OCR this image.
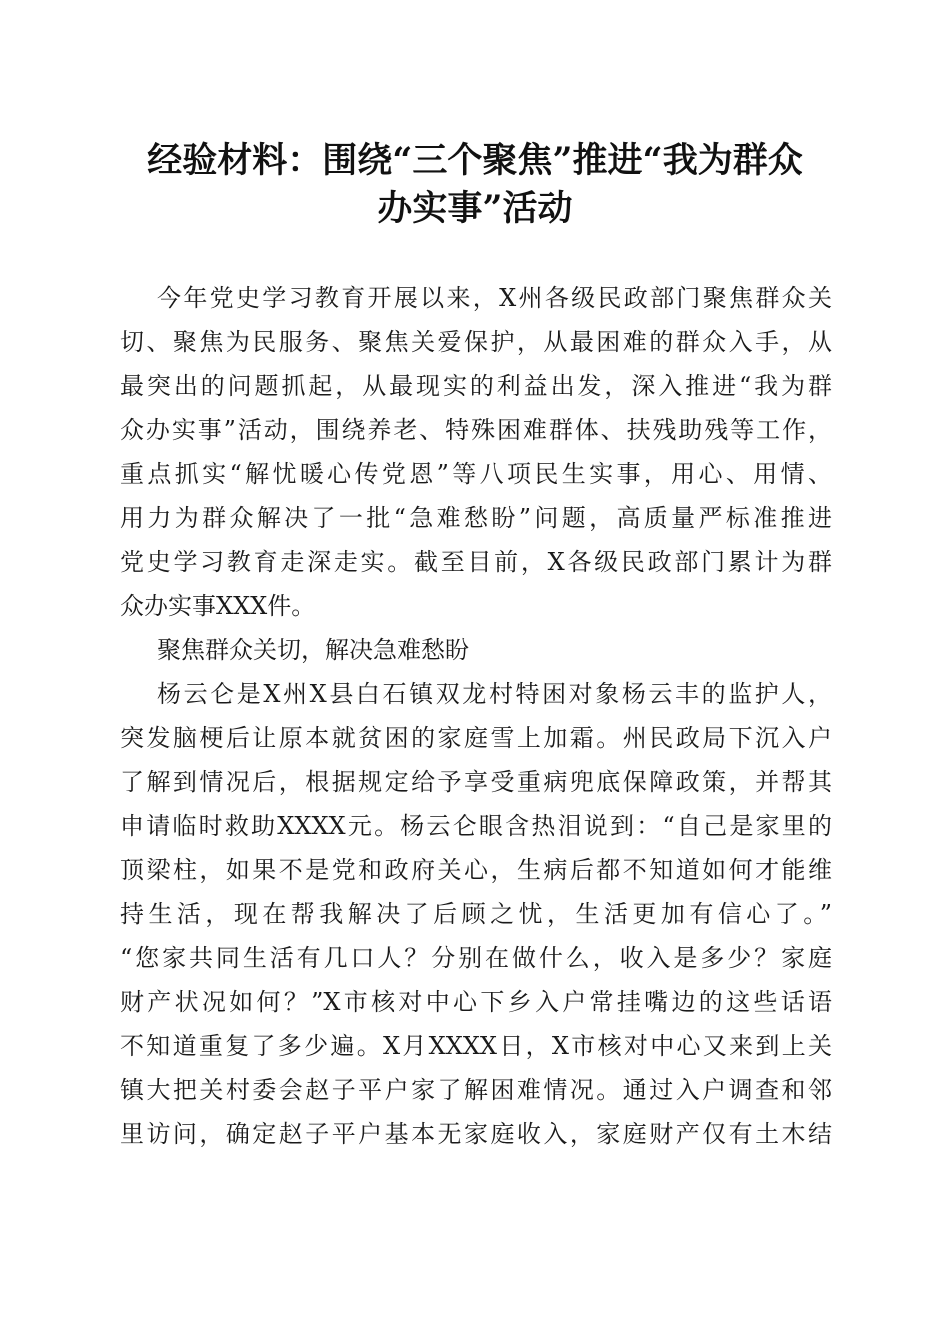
经验材料：围绕“三个聚焦”推进“我为群众
办实事”活动

今年党史学习教育开展以来，X州各级民政部门聚焦群众关

切、聚焦为民服务、聚焦关爱保护，从最困难的群众入手，从

最突出的问题抓起，从最现实的利益出发，深入推进“我为群

众办实事”活动，围绕养老、特殊困难群体、扶残助残等工作，

重点抓实“解忧暖心传党恩”等八项民生实事，用心、用情、

用力为群众解决了一批“急难愁盼”问题，高质量严标准推进

党史学习教育走深走实。截至目前，X各级民政部门累计为群

众办实事XXX件。

聚焦群众关切，解决急难愁盼

杨云仑是X州X县白石镇双龙村特困对象杨云丰的监护人，

突发脑梗后让原本就贫困的家庭雪上加霜。州民政局下沉入户

了解到情况后，根据规定给予享受重病兜底保障政策，并帮其

申请临时救助XXXX元。杨云仑眼含热泪说到：“自己是家里的

顶梁柱，如果不是党和政府关心，生病后都不知道如何才能维

持生活，现在帮我解决了后顾之忧，生活更加有信心了。”

“您家共同生活有几口人？分别在做什么，收入是多少？家庭

财产状况如何？”X市核对中心下乡入户常挂嘴边的这些话语

不知道重复了多少遍。X月XXXX日，X市核对中心又来到上关

镇大把关村委会赵子平户家了解困难情况。通过入户调查和邻

里访问，确定赵子平户基本无家庭收入，家庭财产仅有土木结
